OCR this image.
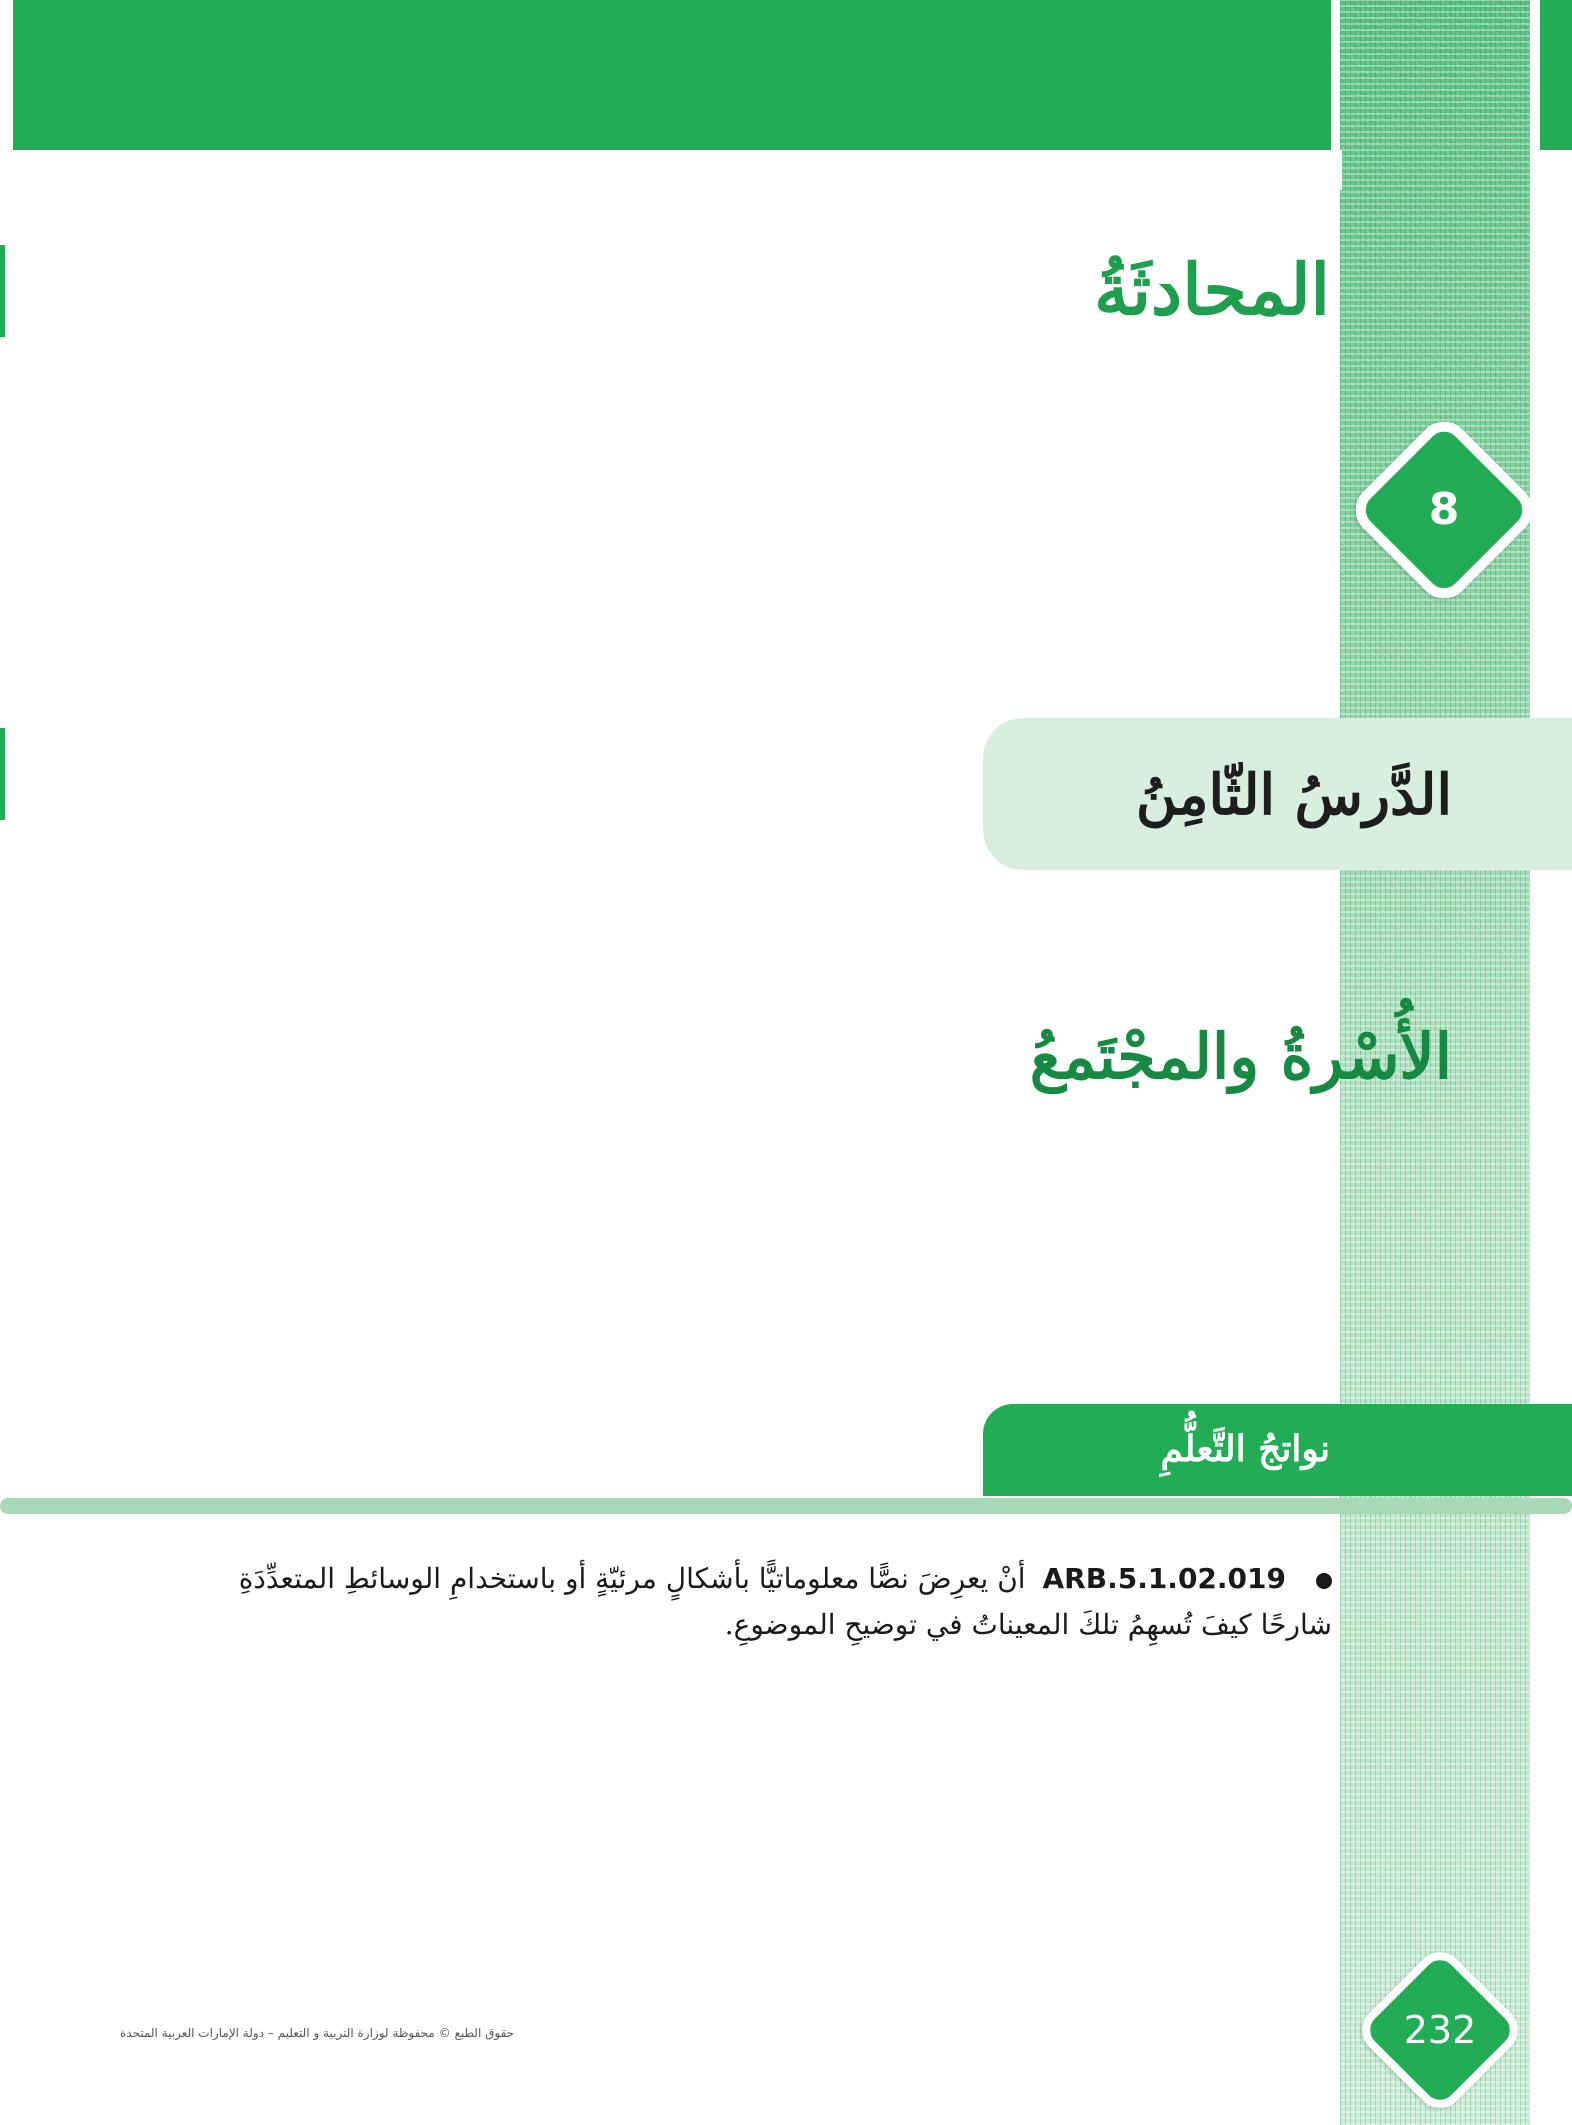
المحادثَةُ
8
الدَّرسُ الثّامِنُ
الأُسْرةُ والمجْتَمعُ
نواتجُ التَّعلُّمِ

ARB.5.1.02.019 أنْ يعرِضَ نصًّا معلوماتيًّا بأشكالٍ مرئيّةٍ أو باستخدامِ الوسائطِ المتعدِّدَةِ شارحًا كيفَ تُسهِمُ تلكَ المعيناتُ في توضيحِ الموضوعِ.

232

حقوق الطبع © محفوظة لوزارة التربية و التعليم – دولة الإمارات العربية المتحدة
